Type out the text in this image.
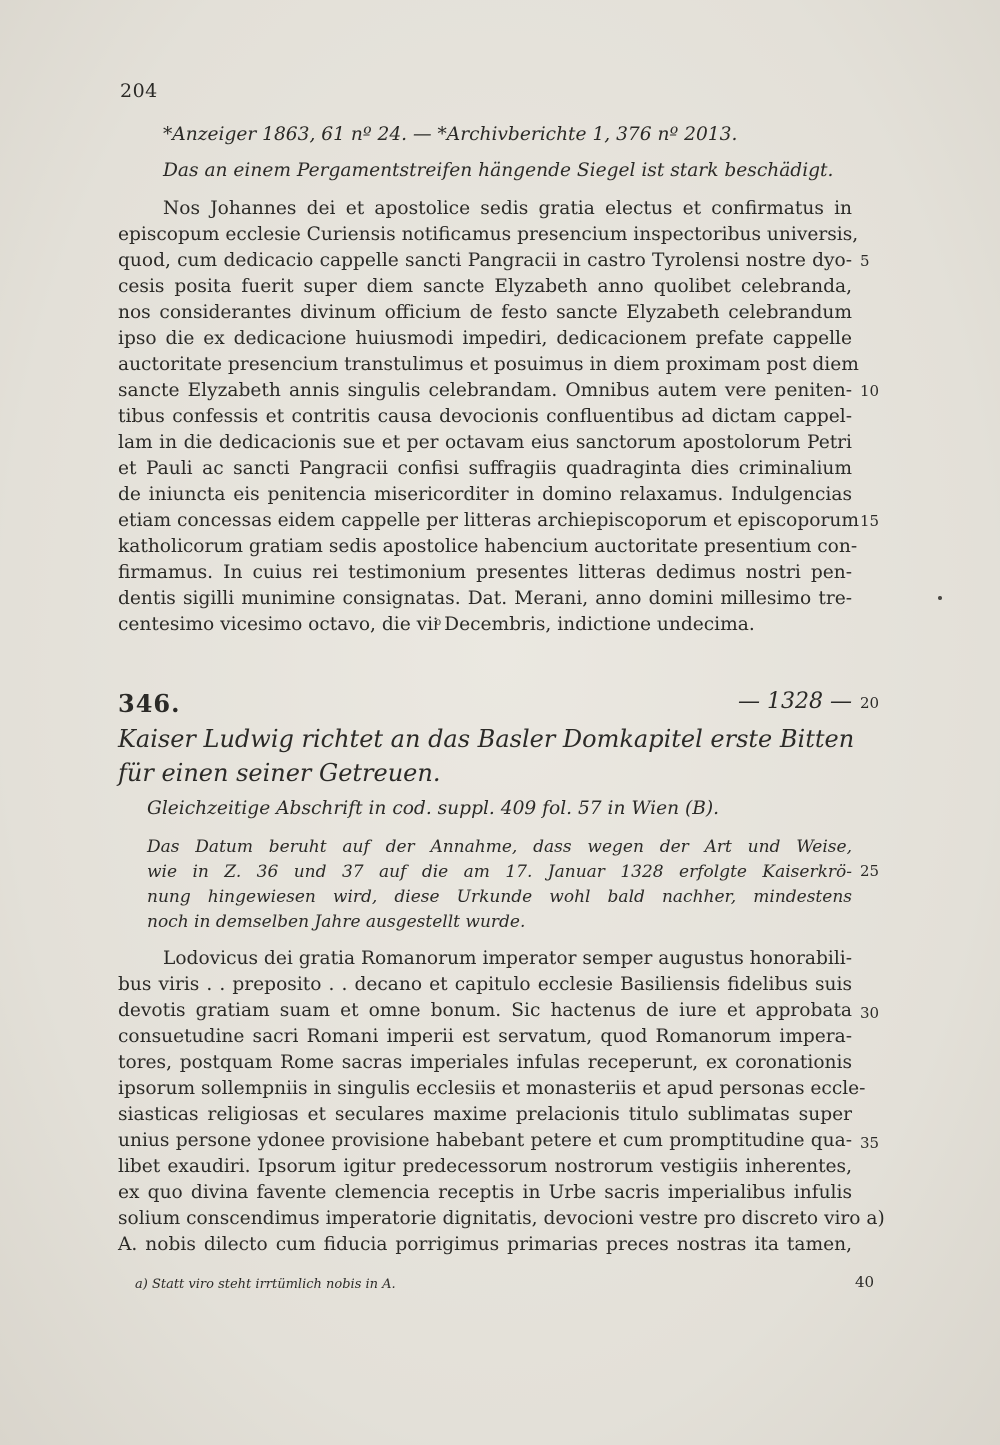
204
*Anzeiger 1863, 61 nº 24. — *Archivberichte 1, 376 nº 2013.
Das an einem Pergamentstreifen hängende Siegel ist stark beschädigt.
Nos Johannes dei et apostolice sedis gratia electus et confirmatus in
episcopum ecclesie Curiensis notificamus presencium inspectoribus universis,
quod, cum dedicacio cappelle sancti Pangracii in castro Tyrolensi nostre dyo-
cesis posita fuerit super diem sancte Elyzabeth anno quolibet celebranda,
nos considerantes divinum officium de festo sancte Elyzabeth celebrandum
ipso die ex dedicacione huiusmodi impediri, dedicacionem prefate cappelle
auctoritate presencium transtulimus et posuimus in diem proximam post diem
sancte Elyzabeth annis singulis celebrandam. Omnibus autem vere peniten-
tibus confessis et contritis causa devocionis confluentibus ad dictam cappel-
lam in die dedicacionis sue et per octavam eius sanctorum apostolorum Petri
et Pauli ac sancti Pangracii confisi suffragiis quadraginta dies criminalium
de iniuncta eis penitencia misericorditer in domino relaxamus. Indulgencias
etiam concessas eidem cappelle per litteras archiepiscoporum et episcoporum
katholicorum gratiam sedis apostolice habencium auctoritate presentium con-
firmamus. In cuius rei testimonium presentes litteras dedimus nostri pen-
dentis sigilli munimine consignatas. Dat. Merani, anno domini millesimo tre-
centesimo vicesimo octavo, die viiͦ Decembris, indictione undecima.
5
10
15
20
346.	— 1328 —
Kaiser Ludwig richtet an das Basler Domkapitel erste Bitten
für einen seiner Getreuen.
Gleichzeitige Abschrift in cod. suppl. 409 fol. 57 in Wien (B).
Das Datum beruht auf der Annahme, dass wegen der Art und Weise,
wie in Z. 36 und 37 auf die am 17. Januar 1328 erfolgte Kaiserkrö-
nung hingewiesen wird, diese Urkunde wohl bald nachher, mindestens
noch in demselben Jahre ausgestellt wurde.
Lodovicus dei gratia Romanorum imperator semper augustus honorabili-
bus viris . . preposito . . decano et capitulo ecclesie Basiliensis fidelibus suis
devotis gratiam suam et omne bonum. Sic hactenus de iure et approbata
consuetudine sacri Romani imperii est servatum, quod Romanorum impera-
tores, postquam Rome sacras imperiales infulas receperunt, ex coronationis
ipsorum sollempniis in singulis ecclesiis et monasteriis et apud personas eccle-
siasticas religiosas et seculares maxime prelacionis titulo sublimatas super
unius persone ydonee provisione habebant petere et cum promptitudine qua-
libet exaudiri. Ipsorum igitur predecessorum nostrorum vestigiis inherentes,
ex quo divina favente clemencia receptis in Urbe sacris imperialibus infulis
solium conscendimus imperatorie dignitatis, devocioni vestre pro discreto viro a)
A. nobis dilecto cum fiducia porrigimus primarias preces nostras ita tamen,
25
30
35
a) Statt viro steht irrtümlich nobis in A.	40
